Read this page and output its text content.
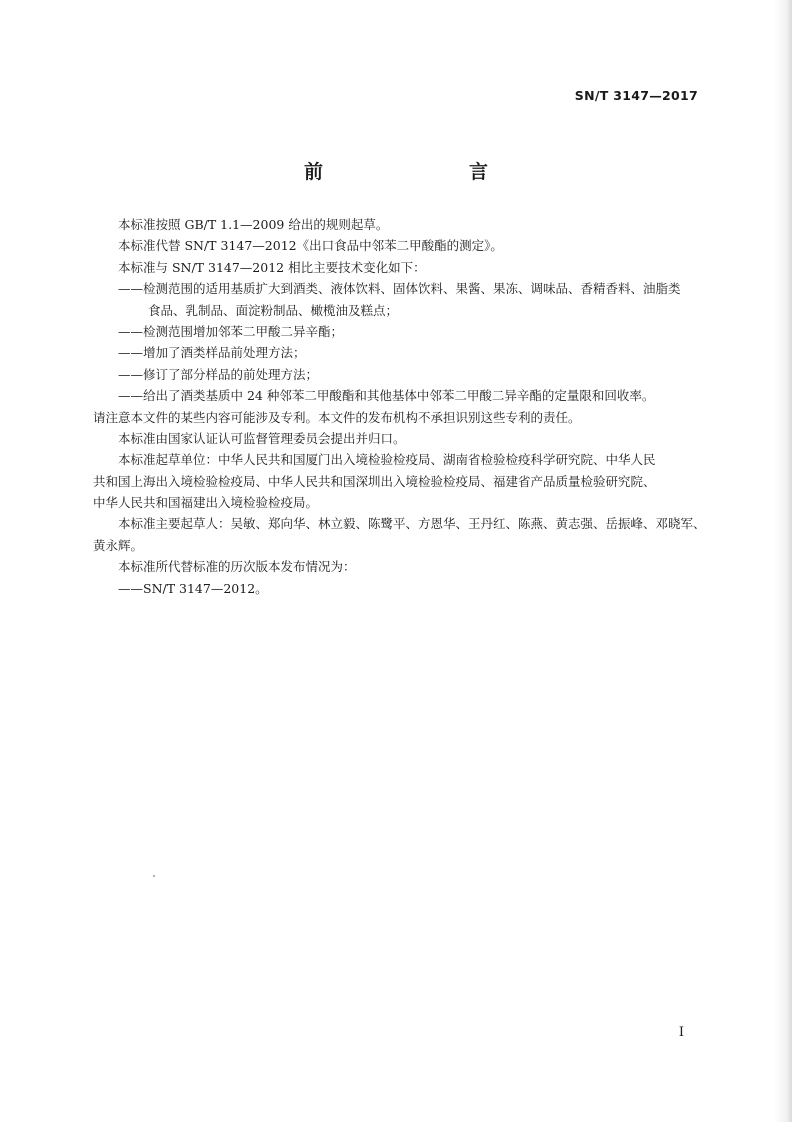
SN/T 3147—2017
前　　言
本标准按照 GB/T 1.1—2009 给出的规则起草。
本标准代替 SN/T 3147—2012《出口食品中邻苯二甲酸酯的测定》。
本标准与 SN/T 3147—2012 相比主要技术变化如下：
——检测范围的适用基质扩大到酒类、液体饮料、固体饮料、果酱、果冻、调味品、香精香料、油脂类
食品、乳制品、面淀粉制品、橄榄油及糕点；
——检测范围增加邻苯二甲酸二异辛酯；
——增加了酒类样品前处理方法；
——修订了部分样品的前处理方法；
——给出了酒类基质中 24 种邻苯二甲酸酯和其他基体中邻苯二甲酸二异辛酯的定量限和回收率。
请注意本文件的某些内容可能涉及专利。本文件的发布机构不承担识别这些专利的责任。
本标准由国家认证认可监督管理委员会提出并归口。
本标准起草单位：中华人民共和国厦门出入境检验检疫局、湖南省检验检疫科学研究院、中华人民
共和国上海出入境检验检疫局、中华人民共和国深圳出入境检验检疫局、福建省产品质量检验研究院、
中华人民共和国福建出入境检验检疫局。
本标准主要起草人：吴敏、郑向华、林立毅、陈鹭平、方恩华、王丹红、陈燕、黄志强、岳振峰、邓晓军、
黄永辉。
本标准所代替标准的历次版本发布情况为：
——SN/T 3147—2012。
I
